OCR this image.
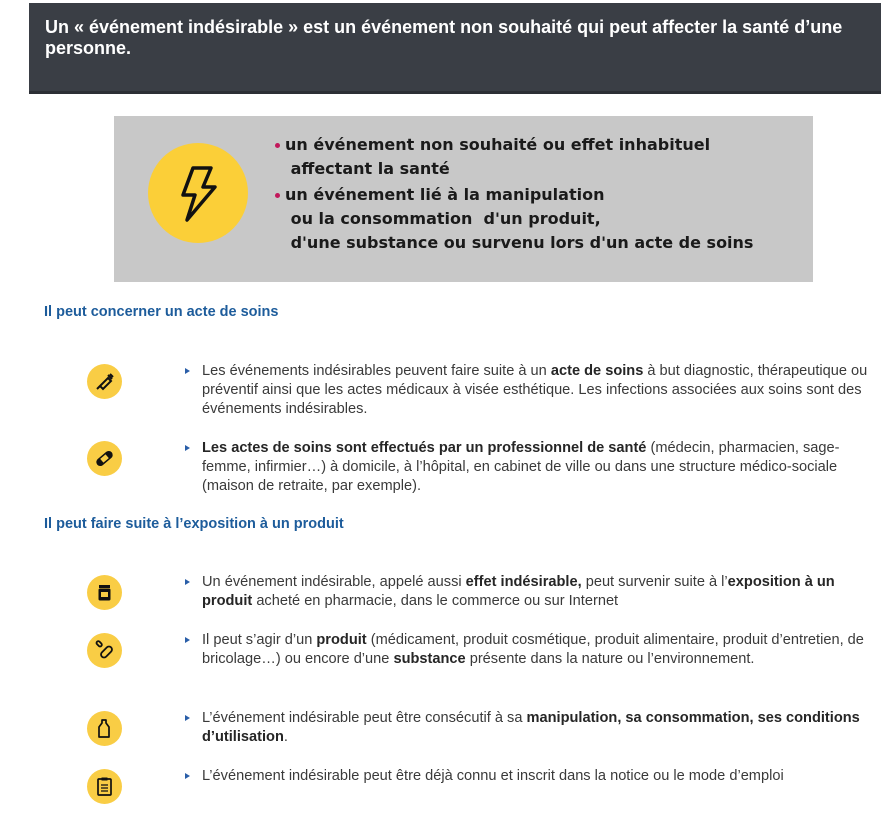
Un « événement indésirable » est un événement non souhaité qui peut affecter la santé d’une personne.
un événement non souhaité ou effet inhabituel
affectant la santé
un événement lié à la manipulation
ou la consommation  d'un produit,
d'une substance ou survenu lors d'un acte de soins
Il peut concerner un acte de soins

Les événements indésirables peuvent faire suite à un acte de soins à but diagnostic, thérapeutique ou préventif ainsi que les actes médicaux à visée esthétique. Les infections associées aux soins sont des événements indésirables.

Les actes de soins sont effectués par un professionnel de santé (médecin, pharmacien, sage-femme, infirmier…) à domicile, à l’hôpital, en cabinet de ville ou dans une structure médico-sociale (maison de retraite, par exemple).

Il peut faire suite à l’exposition à un produit

Un événement indésirable, appelé aussi effet indésirable, peut survenir suite à l’exposition à un produit acheté en pharmacie, dans le commerce ou sur Internet

Il peut s’agir d’un produit (médicament, produit cosmétique, produit alimentaire, produit d’entretien, de bricolage…) ou encore d’une substance présente dans la nature ou l’environnement.

L’événement indésirable peut être consécutif à sa manipulation, sa consommation, ses conditions d’utilisation.

L’événement indésirable peut être déjà connu et inscrit dans la notice ou le mode d’emploi
